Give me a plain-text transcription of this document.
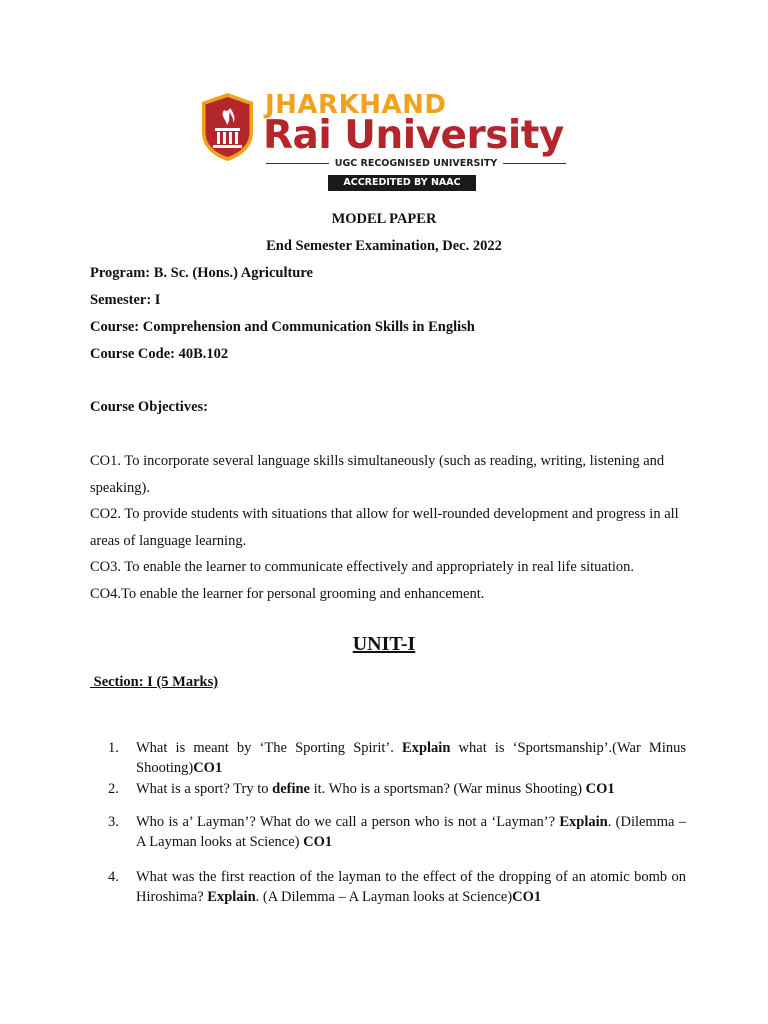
JHARKHAND
Rai University
UGC RECOGNISED UNIVERSITY
ACCREDITED BY NAAC
MODEL PAPER
End Semester Examination, Dec. 2022
Program: B. Sc. (Hons.) Agriculture
Semester: I
Course: Comprehension and Communication Skills in English
Course Code: 40B.102
Course Objectives:
CO1. To incorporate several language skills simultaneously (such as reading, writing, listening and speaking).
CO2. To provide students with situations that allow for well-rounded development and progress in all areas of language learning.
CO3. To enable the learner to communicate effectively and appropriately in real life situation.
CO4.To enable the learner for personal grooming and enhancement.
UNIT-I
Section: I (5 Marks)
1.	What is meant by ‘The Sporting Spirit’. Explain what is ‘Sportsmanship’.(War Minus Shooting)CO1
2.	What is a sport? Try to define it. Who is a sportsman? (War minus Shooting) CO1
3.	Who is a’ Layman’? What do we call a person who is not a ‘Layman’? Explain. (Dilemma – A Layman looks at Science) CO1
4.	What was the first reaction of the layman to the effect of the dropping of an atomic bomb on Hiroshima? Explain. (A Dilemma – A Layman looks at Science)CO1
